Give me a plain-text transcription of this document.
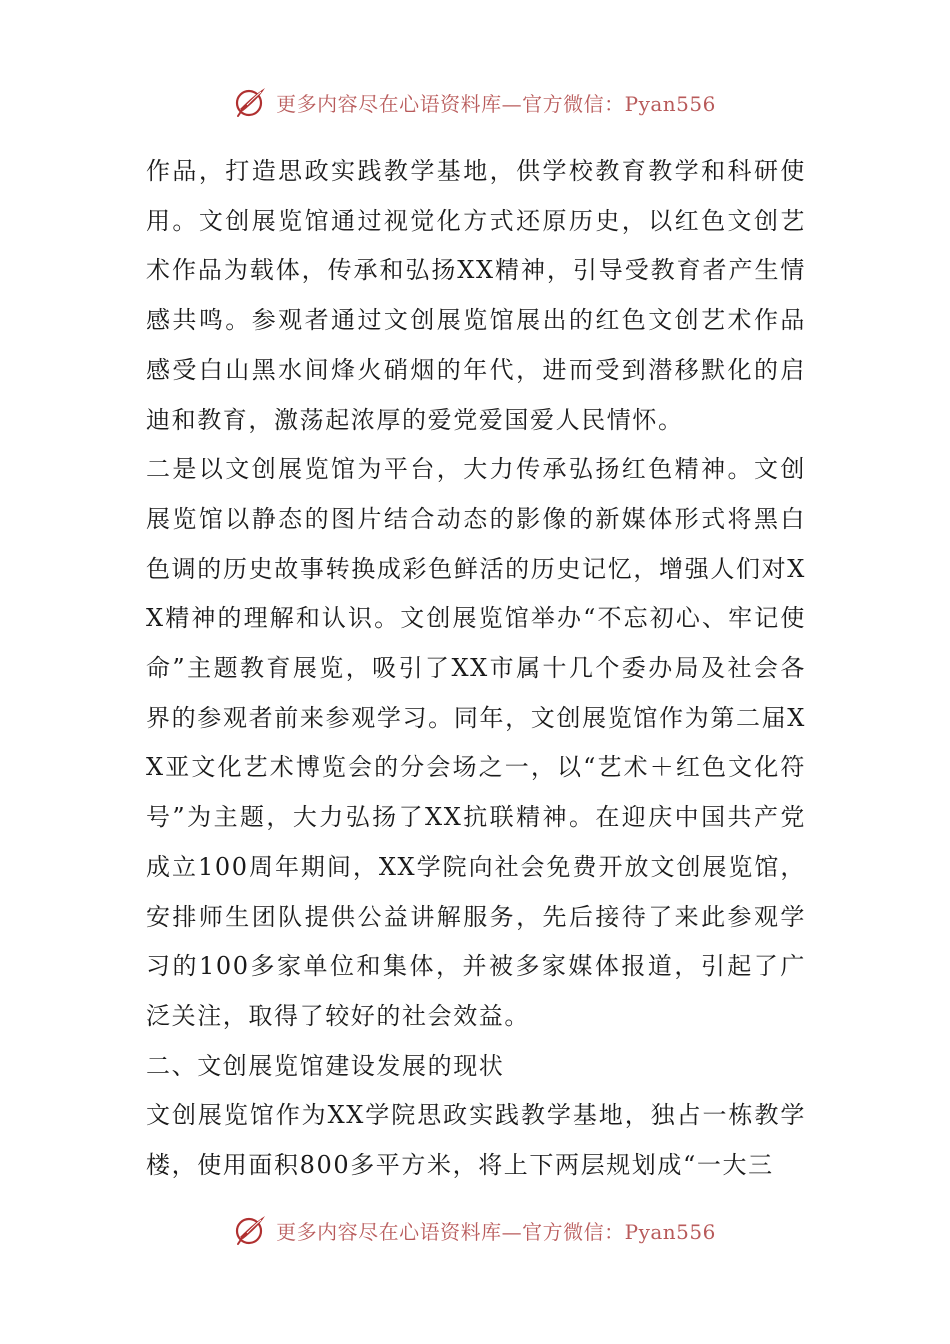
更多内容尽在心语资料库—官方微信：Pyan556

作品，打造思政实践教学基地，供学校教育教学和科研使用。文创展览馆通过视觉化方式还原历史，以红色文创艺术作品为载体，传承和弘扬XX精神，引导受教育者产生情感共鸣。参观者通过文创展览馆展出的红色文创艺术作品感受白山黑水间烽火硝烟的年代，进而受到潜移默化的启迪和教育，激荡起浓厚的爱党爱国爱人民情怀。

二是以文创展览馆为平台，大力传承弘扬红色精神。文创展览馆以静态的图片结合动态的影像的新媒体形式将黑白色调的历史故事转换成彩色鲜活的历史记忆，增强人们对XX精神的理解和认识。文创展览馆举办“不忘初心、牢记使命”主题教育展览，吸引了XX市属十几个委办局及社会各界的参观者前来参观学习。同年，文创展览馆作为第二届XX亚文化艺术博览会的分会场之一，以“艺术＋红色文化符号”为主题，大力弘扬了XX抗联精神。在迎庆中国共产党成立100周年期间，XX学院向社会免费开放文创展览馆，安排师生团队提供公益讲解服务，先后接待了来此参观学习的100多家单位和集体，并被多家媒体报道，引起了广泛关注，取得了较好的社会效益。

二、文创展览馆建设发展的现状

文创展览馆作为XX学院思政实践教学基地，独占一栋教学楼，使用面积800多平方米，将上下两层规划成“一大三

更多内容尽在心语资料库—官方微信：Pyan556
